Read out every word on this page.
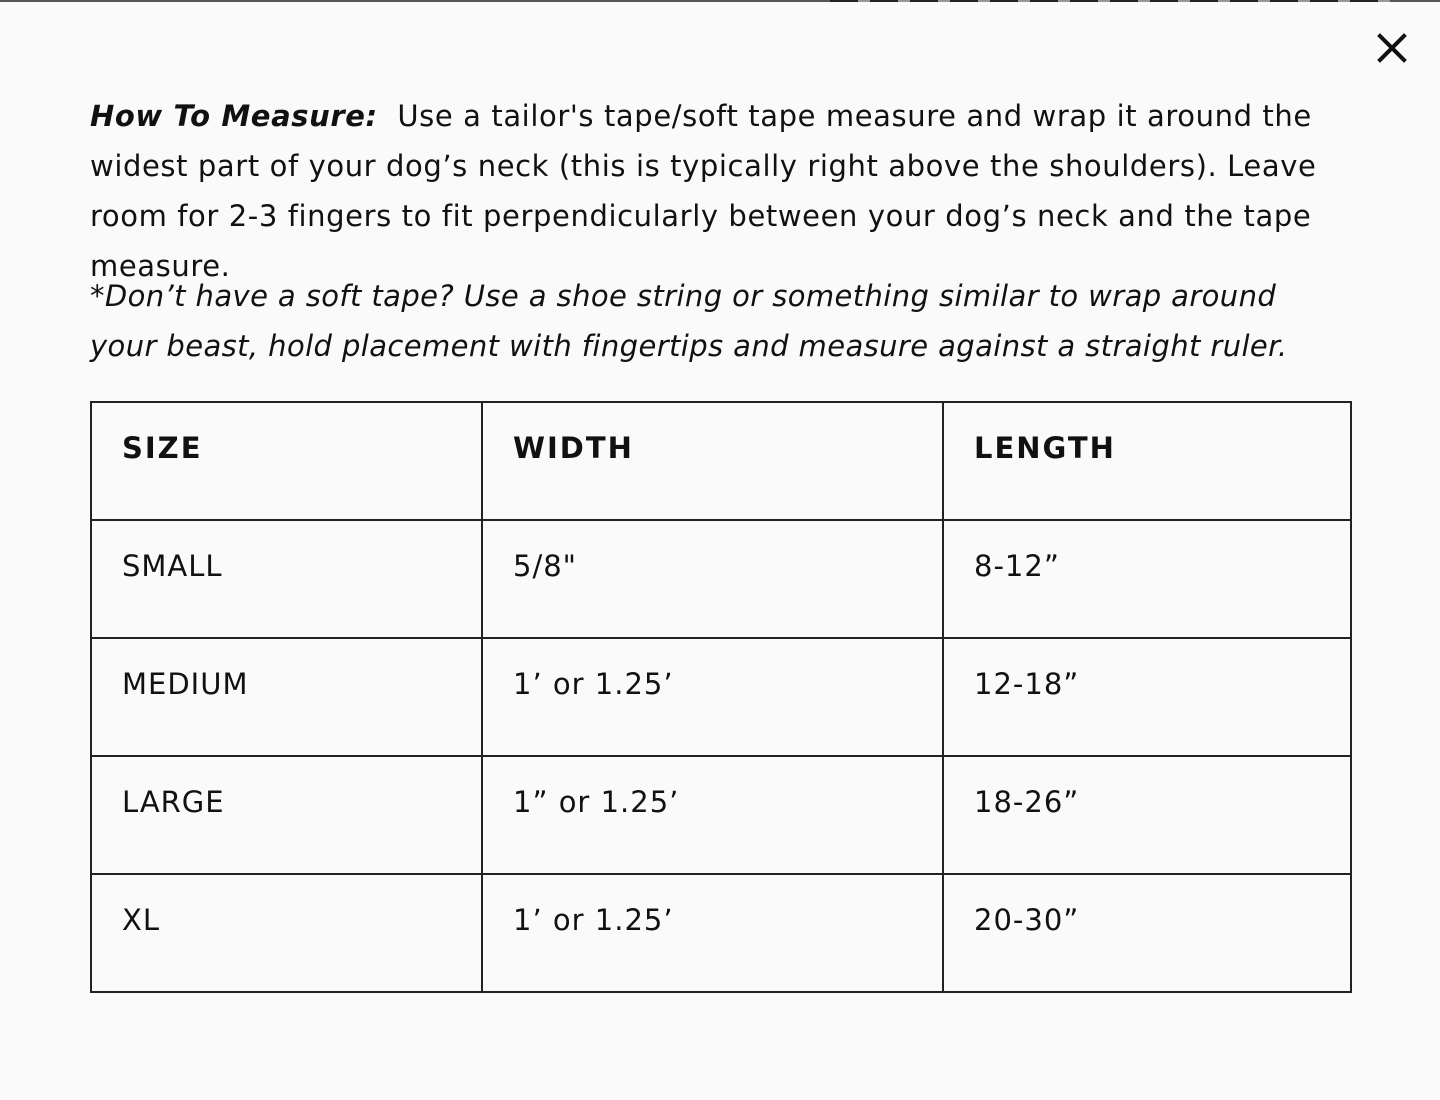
How To Measure: Use a tailor's tape/soft tape measure and wrap it around the widest part of your dog’s neck (this is typically right above the shoulders). Leave room for 2-3 fingers to fit perpendicularly between your dog’s neck and the tape measure.

*Don’t have a soft tape? Use a shoe string or something similar to wrap around your beast, hold placement with fingertips and measure against a straight ruler.

SIZE	WIDTH	LENGTH
SMALL	5/8"	8-12”
MEDIUM	1’ or 1.25’	12-18”
LARGE	1” or 1.25’	18-26”
XL	1’ or 1.25’	20-30”
